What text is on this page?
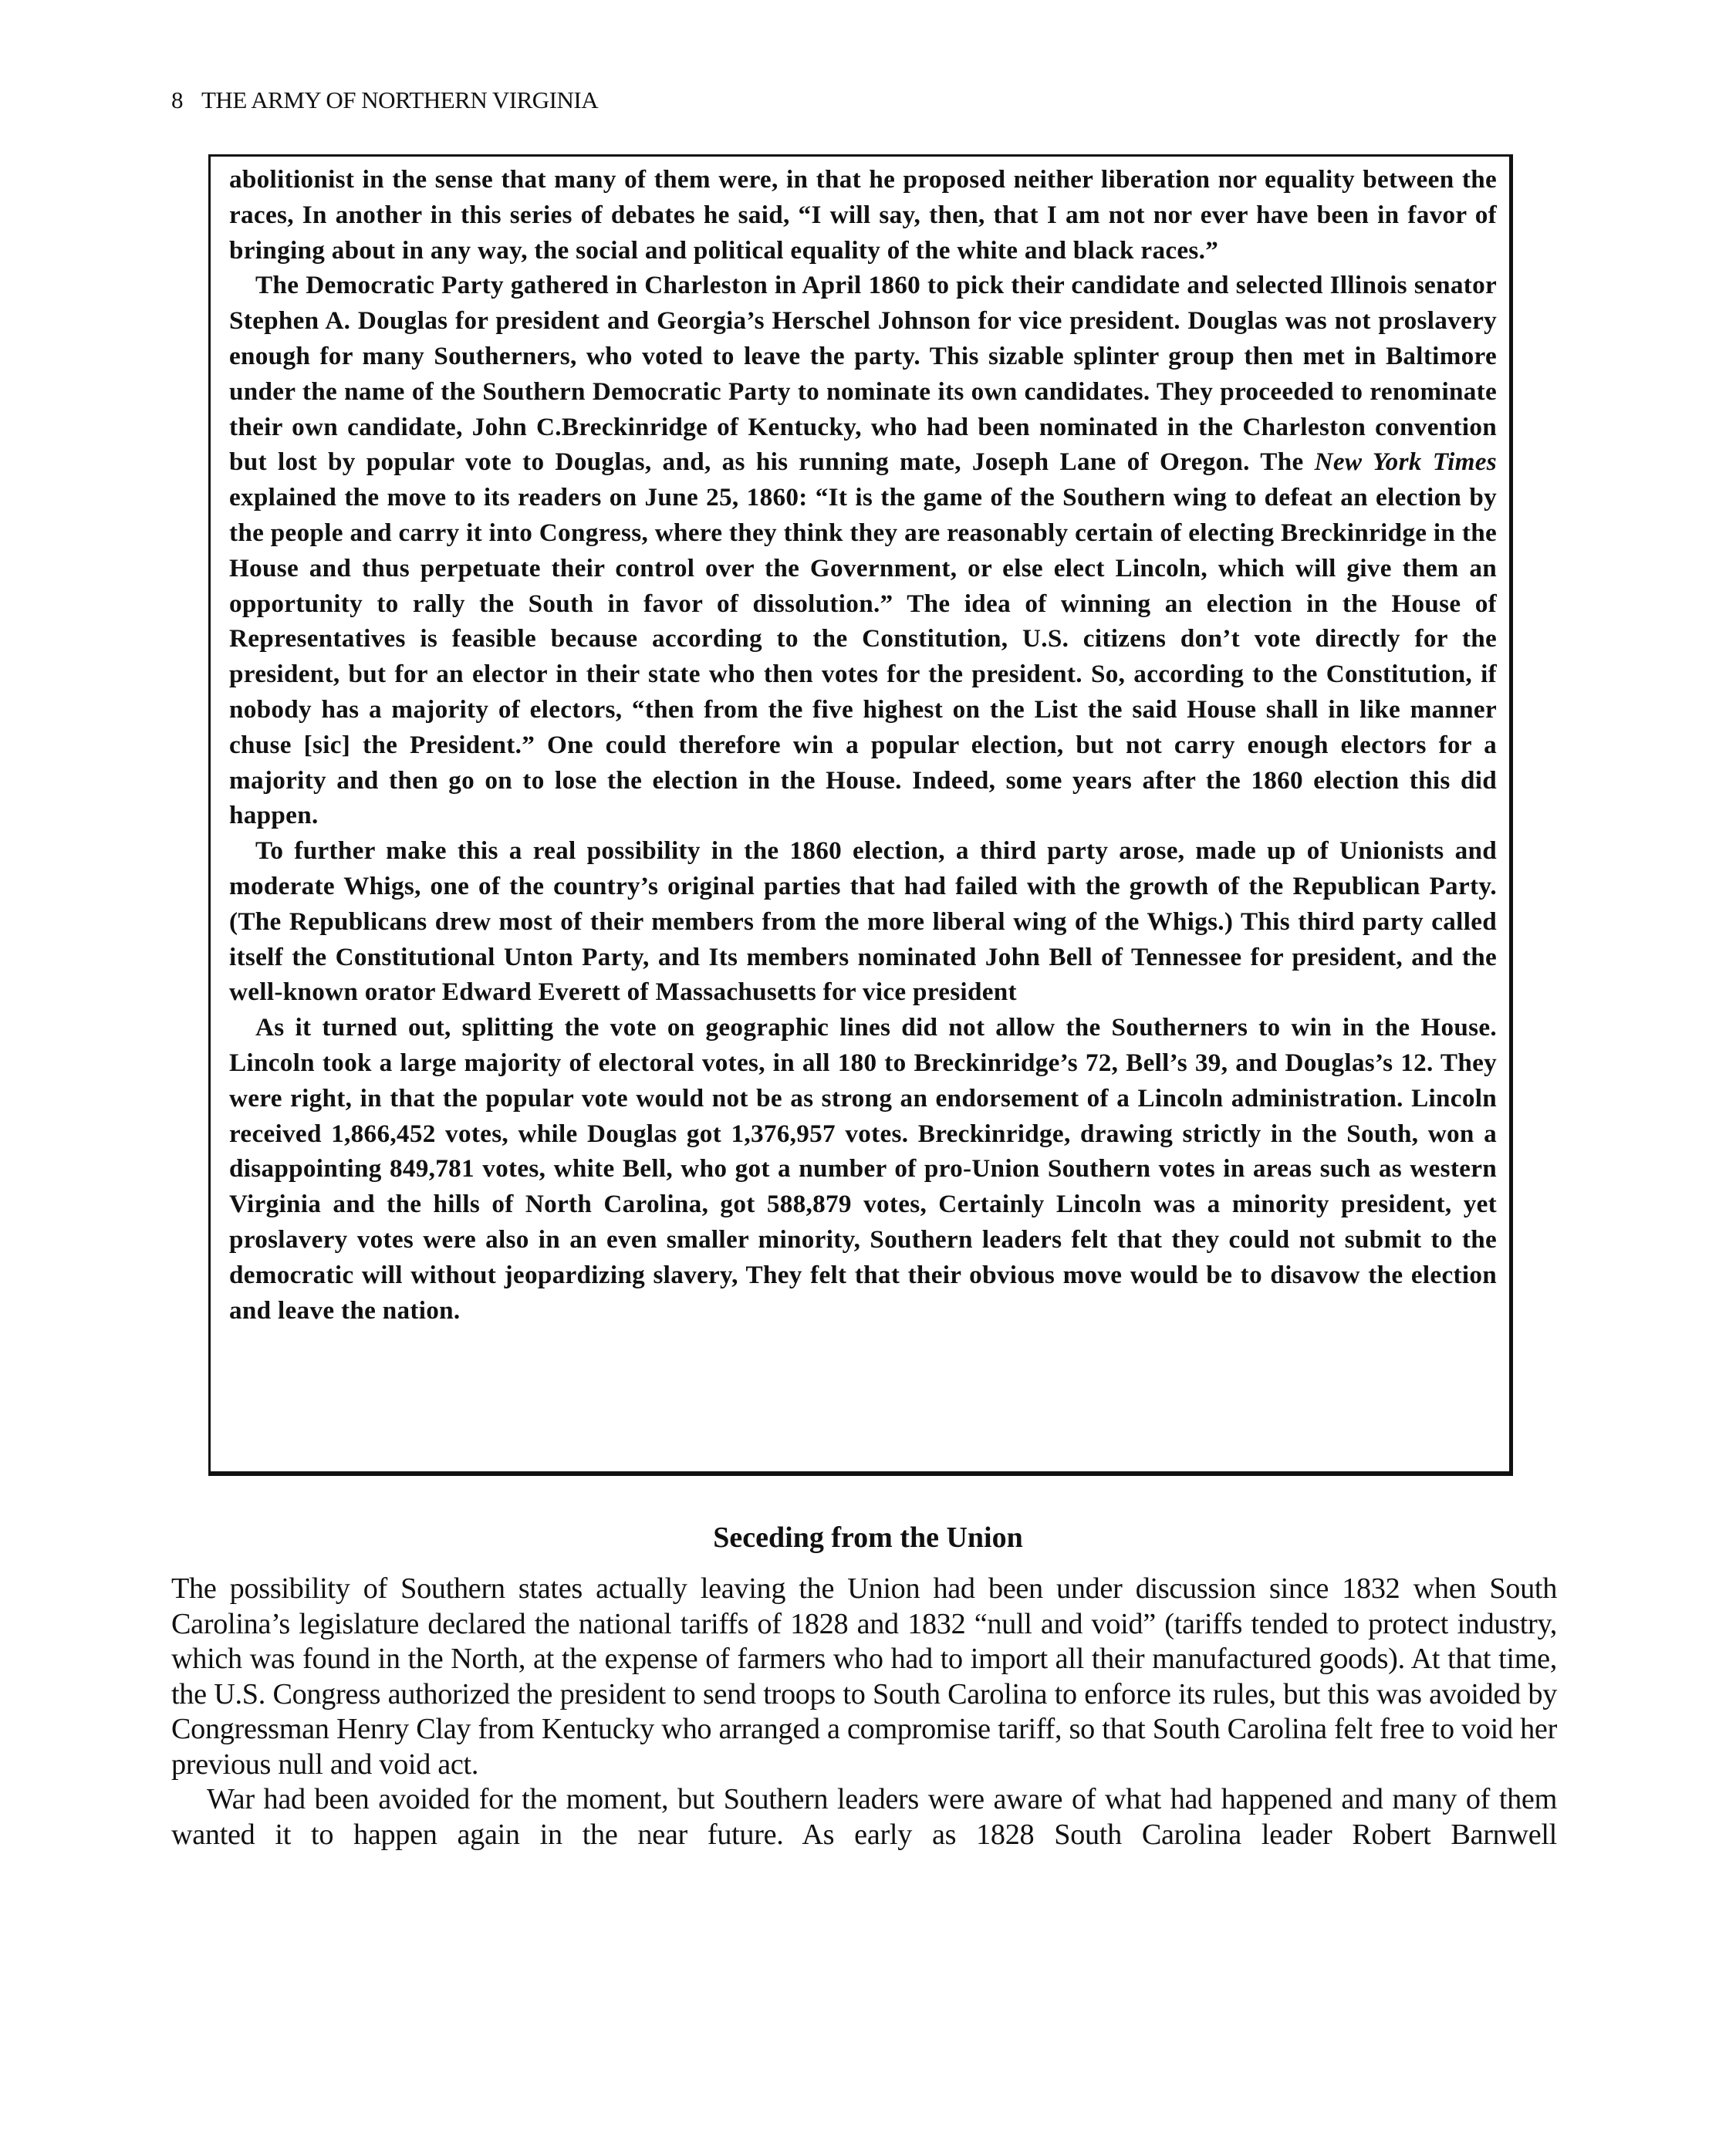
8 THE ARMY OF NORTHERN VIRGINIA

abolitionist in the sense that many of them were, in that he proposed neither liberation nor equality between the races, In another in this series of debates he said, “I will say, then, that I am not nor ever have been in favor of bringing about in any way, the social and political equality of the white and black races.”

The Democratic Party gathered in Charleston in April 1860 to pick their candidate and selected Illinois senator Stephen A. Douglas for president and Georgia’s Herschel Johnson for vice president. Douglas was not proslavery enough for many Southerners, who voted to leave the party. This sizable splinter group then met in Baltimore under the name of the Southern Democratic Party to nominate its own candidates. They proceeded to renominate their own candidate, John C.Breckinridge of Kentucky, who had been nominated in the Charleston convention but lost by popular vote to Douglas, and, as his running mate, Joseph Lane of Oregon. The New York Times explained the move to its readers on June 25, 1860: “It is the game of the Southern wing to defeat an election by the people and carry it into Congress, where they think they are reasonably certain of electing Breckinridge in the House and thus perpetuate their control over the Government, or else elect Lincoln, which will give them an opportunity to rally the South in favor of dissolution.” The idea of winning an election in the House of Representatives is feasible because according to the Constitution, U.S. citizens don’t vote directly for the president, but for an elector in their state who then votes for the president. So, according to the Constitution, if nobody has a majority of electors, “then from the five highest on the List the said House shall in like manner chuse [sic] the President.” One could therefore win a popular election, but not carry enough electors for a majority and then go on to lose the election in the House. Indeed, some years after the 1860 election this did happen.

To further make this a real possibility in the 1860 election, a third party arose, made up of Unionists and moderate Whigs, one of the country’s original parties that had failed with the growth of the Republican Party. (The Republicans drew most of their members from the more liberal wing of the Whigs.) This third party called itself the Constitutional Unton Party, and Its members nominated John Bell of Tennessee for president, and the well-known orator Edward Everett of Massachusetts for vice president

As it turned out, splitting the vote on geographic lines did not allow the Southerners to win in the House. Lincoln took a large majority of electoral votes, in all 180 to Breckinridge’s 72, Bell’s 39, and Douglas’s 12. They were right, in that the popular vote would not be as strong an endorsement of a Lincoln administration. Lincoln received 1,866,452 votes, while Douglas got 1,376,957 votes. Breckinridge, drawing strictly in the South, won a disappointing 849,781 votes, white Bell, who got a number of pro-Union Southern votes in areas such as western Virginia and the hills of North Carolina, got 588,879 votes, Certainly Lincoln was a minority president, yet proslavery votes were also in an even smaller minority, Southern leaders felt that they could not submit to the democratic will without jeopardizing slavery, They felt that their obvious move would be to disavow the election and leave the nation.

Seceding from the Union

The possibility of Southern states actually leaving the Union had been under discussion since 1832 when South Carolina’s legislature declared the national tariffs of 1828 and 1832 “null and void” (tariffs tended to protect industry, which was found in the North, at the expense of farmers who had to import all their manufactured goods). At that time, the U.S. Congress authorized the president to send troops to South Carolina to enforce its rules, but this was avoided by Congressman Henry Clay from Kentucky who arranged a compromise tariff, so that South Carolina felt free to void her previous null and void act.

War had been avoided for the moment, but Southern leaders were aware of what had happened and many of them wanted it to happen again in the near future. As early as 1828 South Carolina leader Robert Barnwell
